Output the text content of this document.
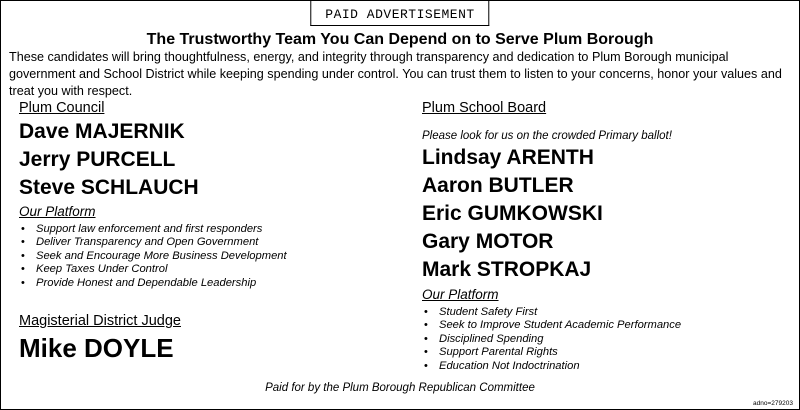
PAID ADVERTISEMENT
The Trustworthy Team You Can Depend on to Serve Plum Borough
These candidates will bring thoughtfulness, energy, and integrity through transparency and dedication to Plum Borough municipal government and School District while keeping spending under control. You can trust them to listen to your concerns, honor your values and treat you with respect.
Plum Council
Dave MAJERNIK
Jerry PURCELL
Steve SCHLAUCH
Our Platform
• Support law enforcement and first responders
• Deliver Transparency and Open Government
• Seek and Encourage More Business Development
• Keep Taxes Under Control
• Provide Honest and Dependable Leadership
Magisterial District Judge
Mike DOYLE
Plum School Board
Please look for us on the crowded Primary ballot!
Lindsay ARENTH
Aaron BUTLER
Eric GUMKOWSKI
Gary MOTOR
Mark STROPKAJ
Our Platform
• Student Safety First
• Seek to Improve Student Academic Performance
• Disciplined Spending
• Support Parental Rights
• Education Not Indoctrination
Paid for by the Plum Borough Republican Committee
adno=279203
